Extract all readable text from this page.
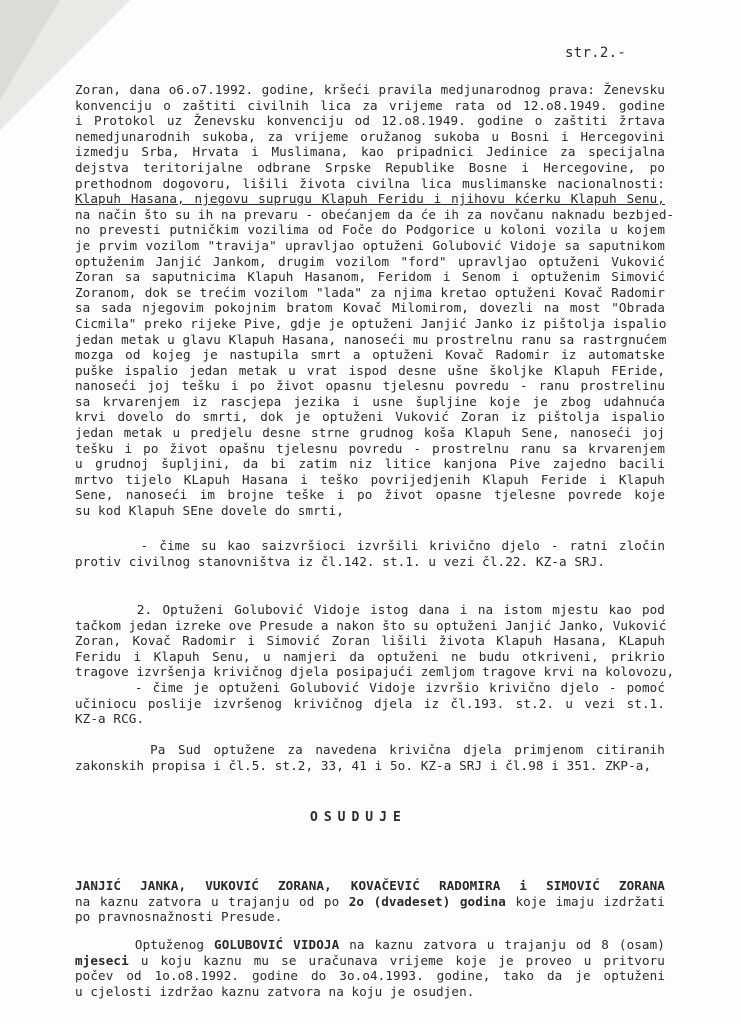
str.2.-
Zoran, dana o6.o7.1992. godine, kršeći pravila medjunarodnog prava: Ženevsku
konvenciju o zaštiti civilnih lica za vrijeme rata od 12.o8.1949. godine
i Protokol uz Ženevsku konvenciju od 12.o8.1949. godine o zaštiti žrtava
nemedjunarodnih sukoba, za vrijeme oružanog sukoba u Bosni i Hercegovini
izmedju Srba, Hrvata i Muslimana, kao pripadnici Jedinice za specijalna
dejstva teritorijalne odbrane Srpske Republike Bosne i Hercegovine, po
prethodnom dogovoru, lišili života civilna lica muslimanske nacionalnosti:
Klapuh Hasana, njegovu suprugu Klapuh Feridu i njihovu kćerku Klapuh Senu,
na način što su ih na prevaru - obećanjem da će ih za novčanu naknadu bezbjed-
no prevesti putničkim vozilima od Foče do Podgorice u koloni vozila u kojem
je prvim vozilom "travija" upravljao optuženi Golubović Vidoje sa saputnikom
optuženim Janjić Jankom, drugim vozilom "ford" upravljao optuženi Vuković
Zoran sa saputnicima Klapuh Hasanom, Feridom i Senom i optuženim Simović
Zoranom, dok se trećim vozilom "lada" za njima kretao optuženi Kovač Radomir
sa sada njegovim pokojnim bratom Kovač Milomirom, dovezli na most "Obrada
Cicmila" preko rijeke Pive, gdje je optuženi Janjić Janko iz pištolja ispalio
jedan metak u glavu Klapuh Hasana, nanoseći mu prostrelnu ranu sa rastrgnućem
mozga od kojeg je nastupila smrt a optuženi Kovač Radomir iz automatske
puške ispalio jedan metak u vrat ispod desne ušne školjke Klapuh FEride,
nanoseći joj tešku i po život opasnu tjelesnu povredu - ranu prostrelinu
sa krvarenjem iz rascjepa jezika i usne šupljine koje je zbog udahnuća
krvi dovelo do smrti, dok je optuženi Vuković Zoran iz pištolja ispalio
jedan metak u predjelu desne strne grudnog koša Klapuh Sene, nanoseći joj
tešku i po život opašnu tjelesnu povredu - prostrelnu ranu sa krvarenjem
u grudnoj šupljini, da bi zatim niz litice kanjona Pive zajedno bacili
mrtvo tijelo KLapuh Hasana i teško povrijedjenih Klapuh Feride i Klapuh
Sene, nanoseći im brojne teške i po život opasne tjelesne povrede koje
su kod Klapuh SEne dovele do smrti,
- čime su kao saizvršioci izvršili krivično djelo - ratni zločin
protiv civilnog stanovništva iz čl.142. st.1. u vezi čl.22. KZ-a SRJ.
2. Optuženi Golubović Vidoje istog dana i na istom mjestu kao pod
tačkom jedan izreke ove Presude a nakon što su optuženi Janjić Janko, Vuković
Zoran, Kovač Radomir i Simović Zoran lišili života Klapuh Hasana, KLapuh
Feridu i Klapuh Senu, u namjeri da optuženi ne budu otkriveni, prikrio
tragove izvršenja krivičnog djela posipajući zemljom tragove krvi na kolovozu,
- čime je optuženi Golubović Vidoje izvršio krivično djelo - pomoć
učiniocu poslije izvršenog krivičnog djela iz čl.193. st.2. u vezi st.1.
KZ-a RCG.
Pa Sud optužene za navedena krivična djela primjenom citiranih
zakonskih propisa i čl.5. st.2, 33, 41 i 5o. KZ-a SRJ i čl.98 i 351. ZKP-a,
OSUDUJE
JANJIĆ JANKA, VUKOVIĆ ZORANA, KOVAČEVIĆ RADOMIRA i SIMOVIĆ ZORANA
na kaznu zatvora u trajanju od po 2o (dvadeset) godina koje imaju izdržati
po pravnosnažnosti Presude.
Optuženog GOLUBOVIĆ VIDOJA na kaznu zatvora u trajanju od 8 (osam)
mjeseci u koju kaznu mu se uračunava vrijeme koje je proveo u pritvoru
počev od 1o.o8.1992. godine do 3o.o4.1993. godine, tako da je optuženi
u cjelosti izdržao kaznu zatvora na koju je osudjen.
